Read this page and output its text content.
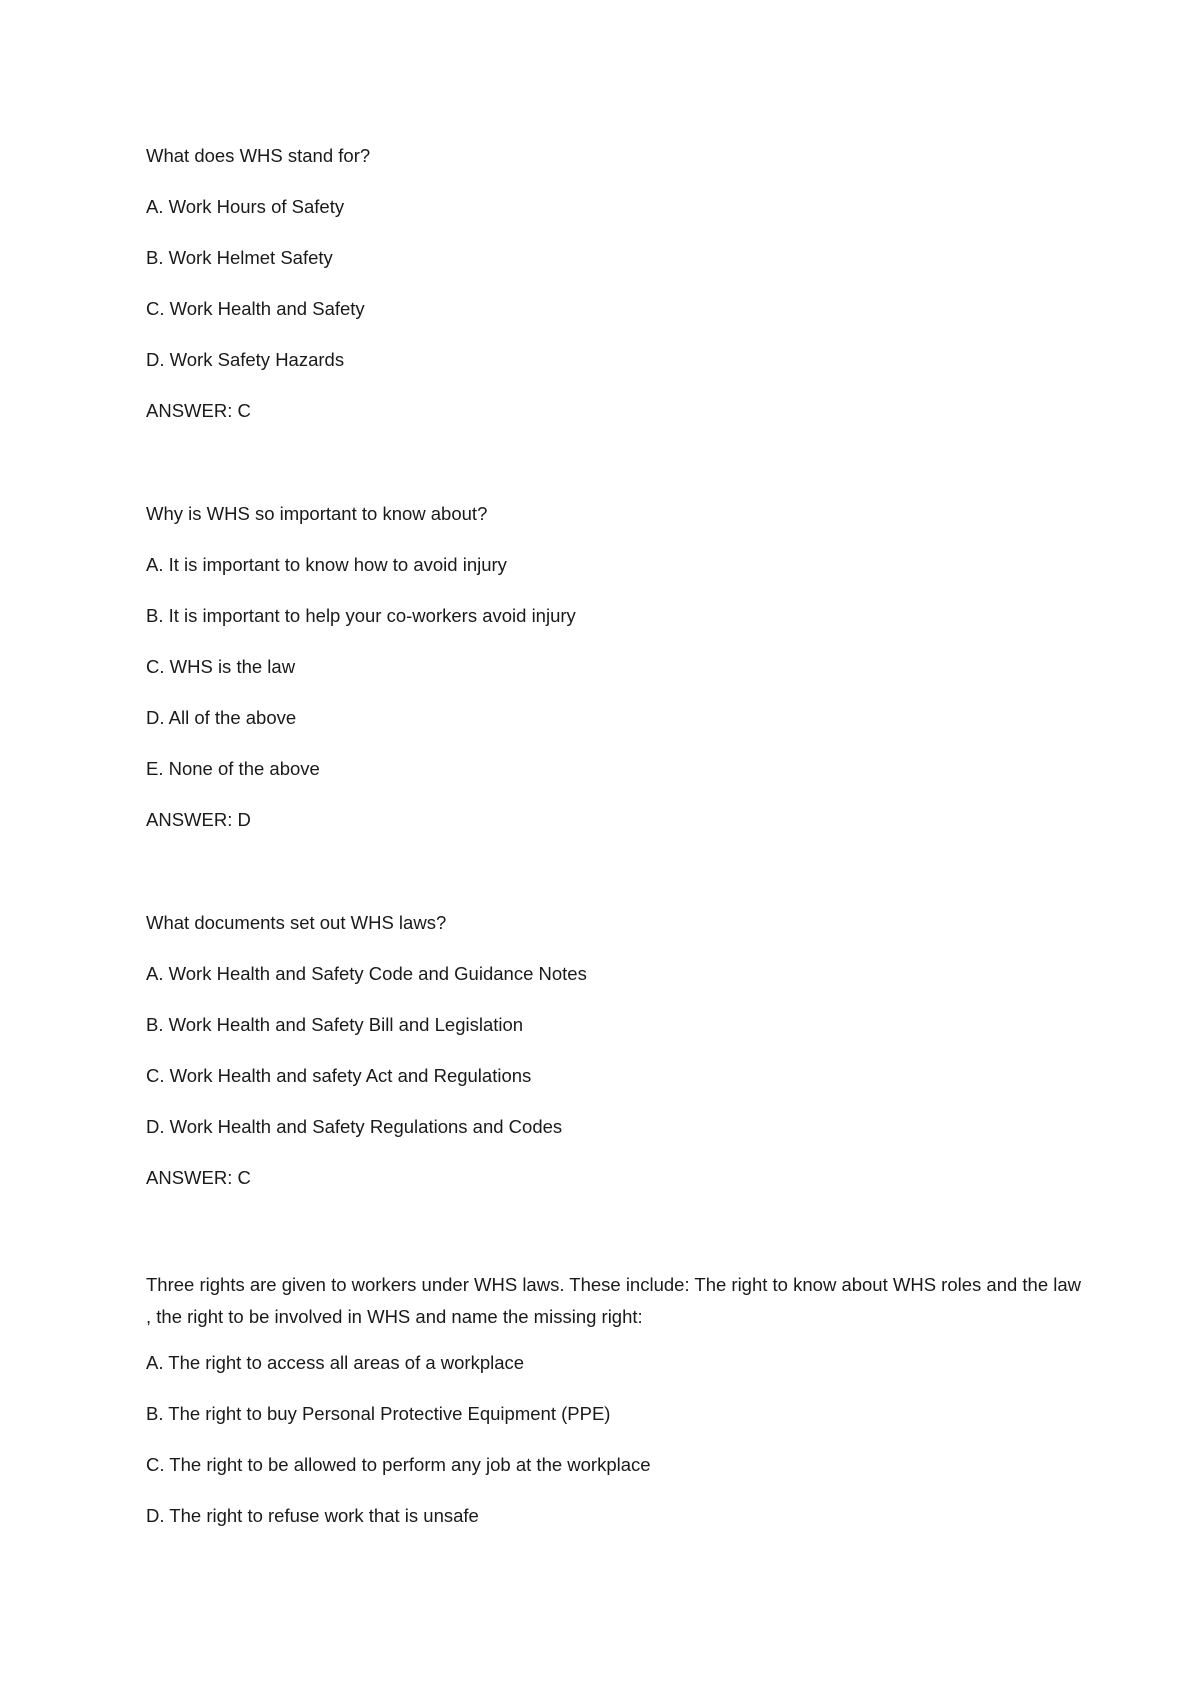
What does WHS stand for?

A. Work Hours of Safety

B. Work Helmet Safety

C. Work Health and Safety

D. Work Safety Hazards

ANSWER: C

Why is WHS so important to know about?

A. It is important to know how to avoid injury

B. It is important to help your co-workers avoid injury

C. WHS is the law

D. All of the above

E. None of the above

ANSWER: D

What documents set out WHS laws?

A. Work Health and Safety Code and Guidance Notes

B. Work Health and Safety Bill and Legislation

C. Work Health and safety Act and Regulations

D. Work Health and Safety Regulations and Codes

ANSWER: C

Three rights are given to workers under WHS laws. These include: The right to know about WHS roles and the law , the right to be involved in WHS and name the missing right:

A. The right to access all areas of a workplace

B. The right to buy Personal Protective Equipment (PPE)

C. The right to be allowed to perform any job at the workplace

D. The right to refuse work that is unsafe
